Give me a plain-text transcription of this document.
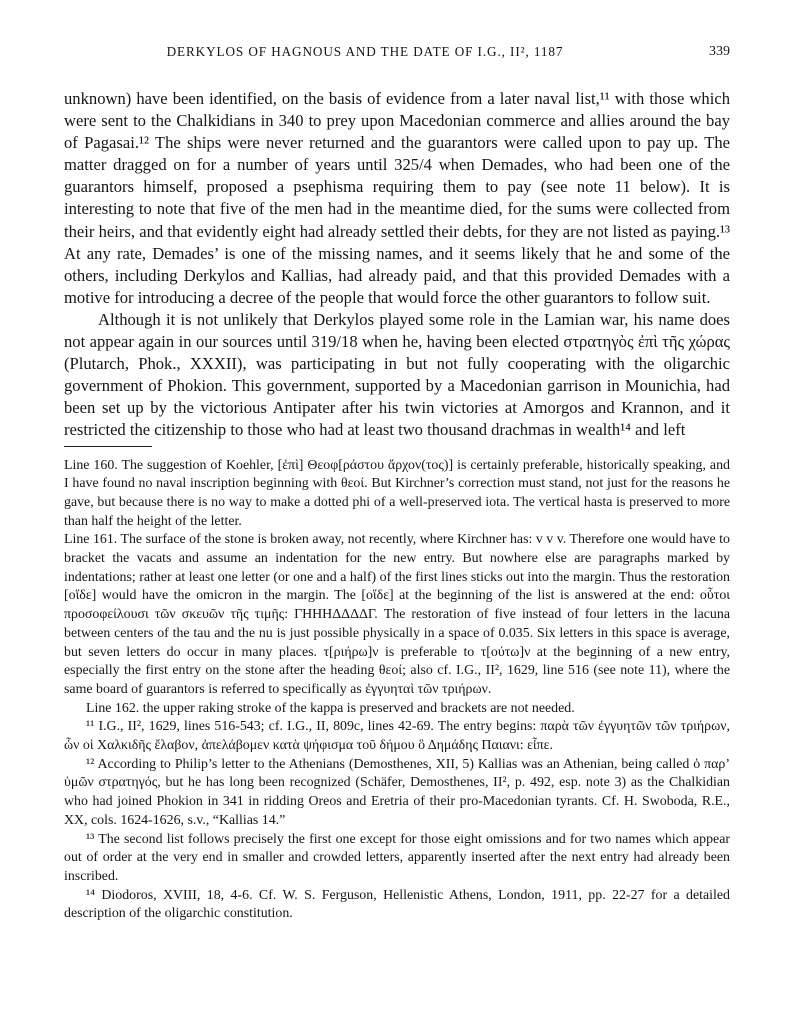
DERKYLOS OF HAGNOUS AND THE DATE OF I.G., II², 1187	339

unknown) have been identified, on the basis of evidence from a later naval list,¹¹ with those which were sent to the Chalkidians in 340 to prey upon Macedonian commerce and allies around the bay of Pagasai.¹² The ships were never returned and the guarantors were called upon to pay up. The matter dragged on for a number of years until 325/4 when Demades, who had been one of the guarantors himself, proposed a psephisma requiring them to pay (see note 11 below). It is interesting to note that five of the men had in the meantime died, for the sums were collected from their heirs, and that evidently eight had already settled their debts, for they are not listed as paying.¹³ At any rate, Demades’ is one of the missing names, and it seems likely that he and some of the others, including Derkylos and Kallias, had already paid, and that this provided Demades with a motive for introducing a decree of the people that would force the other guarantors to follow suit.

Although it is not unlikely that Derkylos played some role in the Lamian war, his name does not appear again in our sources until 319/18 when he, having been elected στρατηγὸς ἐπὶ τῆς χώρας (Plutarch, Phok., XXXII), was participating in but not fully cooperating with the oligarchic government of Phokion. This government, supported by a Macedonian garrison in Mounichia, had been set up by the victorious Antipater after his twin victories at Amorgos and Krannon, and it restricted the citizenship to those who had at least two thousand drachmas in wealth¹⁴ and left

Line 160. The suggestion of Koehler, [ἐπὶ] Θεοφ[ράστου ἄρχον(τος)] is certainly preferable, historically speaking, and I have found no naval inscription beginning with θεοί. But Kirchner’s correction must stand, not just for the reasons he gave, but because there is no way to make a dotted phi of a well-preserved iota. The vertical hasta is preserved to more than half the height of the letter.

Line 161. The surface of the stone is broken away, not recently, where Kirchner has: v v v. Therefore one would have to bracket the vacats and assume an indentation for the new entry. But nowhere else are paragraphs marked by indentations; rather at least one letter (or one and a half) of the first lines sticks out into the margin. Thus the restoration [οἵδε] would have the omicron in the margin. The [οἵδε] at the beginning of the list is answered at the end: οὗτοι προσοφείλουσι τῶν σκευῶν τῆς τιμῆς: ΓΗΗΗΔΔΔΔΓ. The restoration of five instead of four letters in the lacuna between centers of the tau and the nu is just possible physically in a space of 0.035. Six letters in this space is average, but seven letters do occur in many places. τ[ριήρω]ν is preferable to τ[ούτω]ν at the beginning of a new entry, especially the first entry on the stone after the heading θεοί; also cf. I.G., II², 1629, line 516 (see note 11), where the same board of guarantors is referred to specifically as ἐγγυηταὶ τῶν τριήρων.

Line 162. the upper raking stroke of the kappa is preserved and brackets are not needed.

¹¹ I.G., II², 1629, lines 516-543; cf. I.G., II, 809c, lines 42-69. The entry begins: παρὰ τῶν ἐγγυητῶν τῶν τριήρων, ὧν οἱ Χαλκιδῆς ἔλαβον, ἀπελάβομεν κατὰ ψήφισμα τοῦ δήμου ὃ Δημάδης Παιανι: εἶπε.

¹² According to Philip’s letter to the Athenians (Demosthenes, XII, 5) Kallias was an Athenian, being called ὁ παρ’ ὑμῶν στρατηγός, but he has long been recognized (Schäfer, Demosthenes, II², p. 492, esp. note 3) as the Chalkidian who had joined Phokion in 341 in ridding Oreos and Eretria of their pro-Macedonian tyrants. Cf. H. Swoboda, R.E., XX, cols. 1624-1626, s.v., “Kallias 14.”

¹³ The second list follows precisely the first one except for those eight omissions and for two names which appear out of order at the very end in smaller and crowded letters, apparently inserted after the next entry had already been inscribed.

¹⁴ Diodoros, XVIII, 18, 4-6. Cf. W. S. Ferguson, Hellenistic Athens, London, 1911, pp. 22-27 for a detailed description of the oligarchic constitution.
